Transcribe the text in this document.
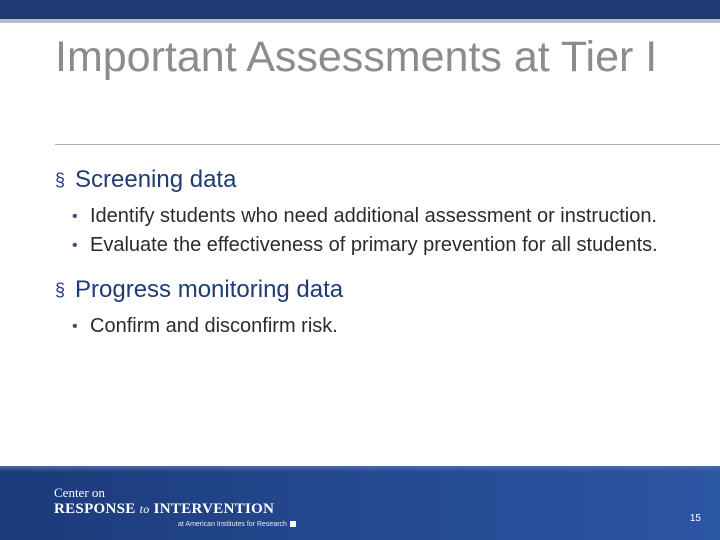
Important Assessments at Tier I
§ Screening data
• Identify students who need additional assessment or instruction.
• Evaluate the effectiveness of primary prevention for all students.
§ Progress monitoring data
• Confirm and disconfirm risk.
Center on
RESPONSE to INTERVENTION
at American Institutes for Research
15
